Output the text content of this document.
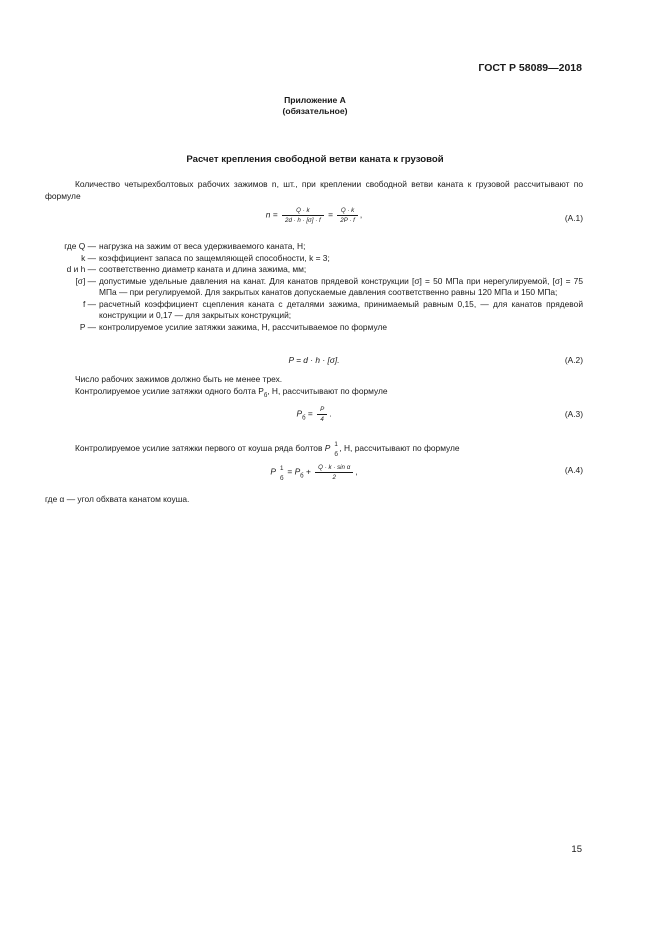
ГОСТ Р 58089—2018
Приложение А
(обязательное)
Расчет крепления свободной ветви каната к грузовой
Количество четырехболтовых рабочих зажимов n, шт., при креплении свободной ветви каната к грузовой рассчитывают по формуле
$n = \frac{Q \cdot k}{2d \cdot h \cdot [\sigma] \cdot f} = \frac{Q \cdot k}{2P \cdot f}$ ,	(А.1)
где Q — нагрузка на зажим от веса удерживаемого каната, Н;
k — коэффициент запаса по защемляющей способности, k = 3;
d и h — соответственно диаметр каната и длина зажима, мм;
[σ] — допустимые удельные давления на канат. Для канатов прядевой конструкции [σ] = 50 МПа при нерегулируемой, [σ] = 75 МПа — при регулируемой. Для закрытых канатов допускаемые давления соответственно равны 120 МПа и 150 МПа;
f — расчетный коэффициент сцепления каната с деталями зажима, принимаемый равным 0,15, — для канатов прядевой конструкции и 0,17 — для закрытых конструкций;
P — контролируемое усилие затяжки зажима, Н, рассчитываемое по формуле
P = d · h · [σ].	(А.2)
Число рабочих зажимов должно быть не менее трех.
Контролируемое усилие затяжки одного болта $P_б$, Н, рассчитывают по формуле
$P_б = \frac{P}{4}$ .	(А.3)
Контролируемое усилие затяжки первого от коуша ряда болтов P 1
б
, Н, рассчитывают по формуле
P 1
б
= $P_б + \frac{\text{Q · k · sin α}}{2}$ ,	(А.4)
где α — угол обхвата канатом коуша.
15
